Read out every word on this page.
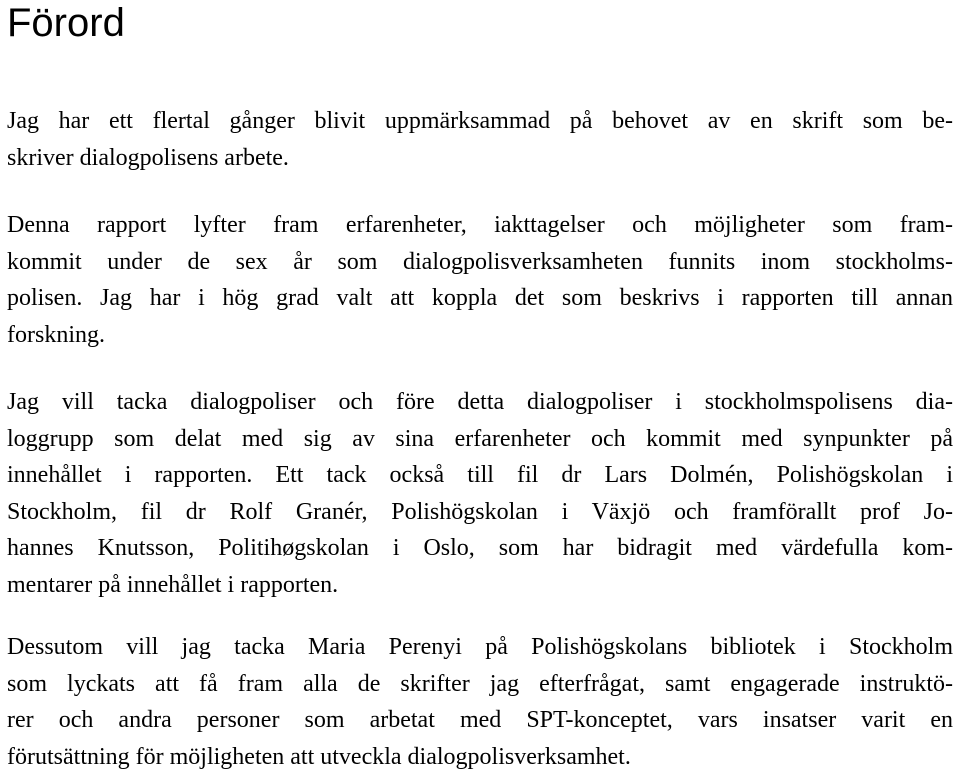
Förord
Jag har ett flertal gånger blivit uppmärksammad på behovet av en skrift som be-
skriver dialogpolisens arbete.
Denna rapport lyfter fram erfarenheter, iakttagelser och möjligheter som fram-
kommit under de sex år som dialogpolisverksamheten funnits inom stockholms-
polisen. Jag har i hög grad valt att koppla det som beskrivs i rapporten till annan
forskning.
Jag vill tacka dialogpoliser och före detta dialogpoliser i stockholmspolisens dia-
loggrupp som delat med sig av sina erfarenheter och kommit med synpunkter på
innehållet i rapporten. Ett tack också till fil dr Lars Dolmén, Polishögskolan i
Stockholm, fil dr Rolf Granér, Polishögskolan i Växjö och framförallt prof Jo-
hannes Knutsson, Politihøgskolan i Oslo, som har bidragit med värdefulla kom-
mentarer på innehållet i rapporten.
Dessutom vill jag tacka Maria Perenyi på Polishögskolans bibliotek i Stockholm
som lyckats att få fram alla de skrifter jag efterfrågat, samt engagerade instruktö-
rer och andra personer som arbetat med SPT-konceptet, vars insatser varit en
förutsättning för möjligheten att utveckla dialogpolisverksamhet.
